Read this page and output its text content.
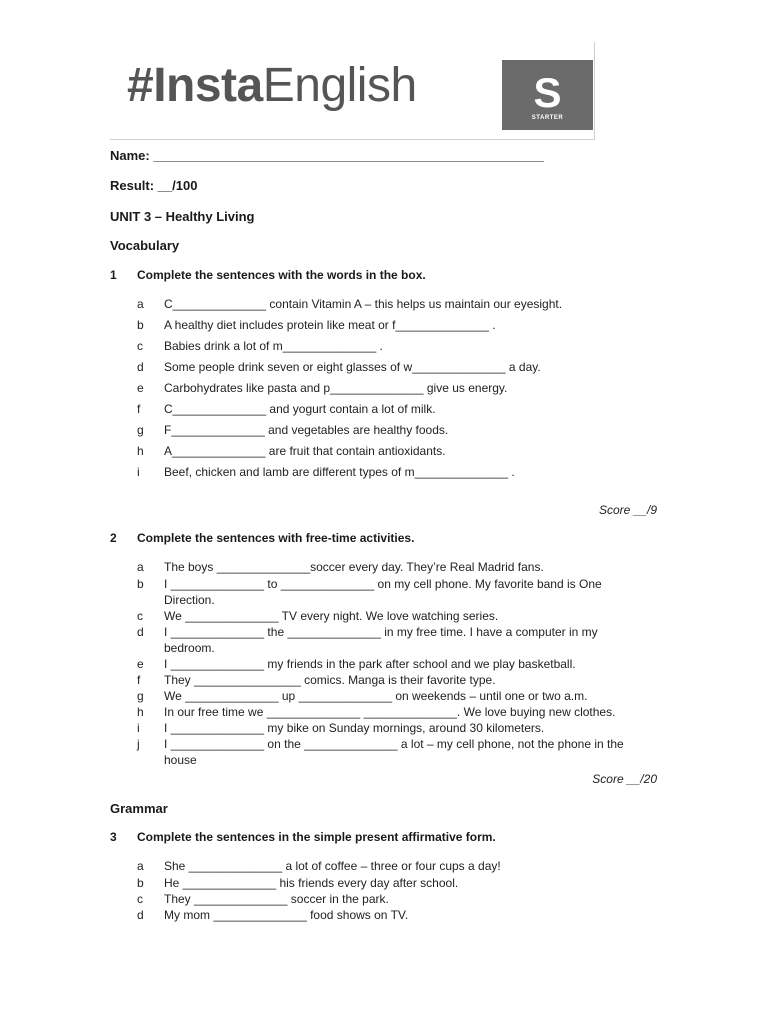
#InstaEnglish	S
STARTER
Name: ______________________________________________________
Result: __/100
UNIT 3 – Healthy Living
Vocabulary
1 Complete the sentences with the words in the box.
a C______________ contain Vitamin A – this helps us maintain our eyesight.
b A healthy diet includes protein like meat or f______________ .
c Babies drink a lot of m______________ .
d Some people drink seven or eight glasses of w______________ a day.
e Carbohydrates like pasta and p______________ give us energy.
f C______________ and yogurt contain a lot of milk.
g F______________ and vegetables are healthy foods.
h A______________ are fruit that contain antioxidants.
i Beef, chicken and lamb are different types of m______________ .
Score __/9
2 Complete the sentences with free-time activities.
a The boys ______________soccer every day. They’re Real Madrid fans.
b I ______________ to ______________ on my cell phone. My favorite band is One Direction.
c We ______________ TV every night. We love watching series.
d I ______________ the ______________ in my free time. I have a computer in my bedroom.
e I ______________ my friends in the park after school and we play basketball.
f They ________________ comics. Manga is their favorite type.
g We ______________ up ______________ on weekends – until one or two a.m.
h In our free time we ______________ ______________. We love buying new clothes.
i I ______________ my bike on Sunday mornings, around 30 kilometers.
j I ______________ on the ______________ a lot – my cell phone, not the phone in the house
Score __/20
Grammar
3 Complete the sentences in the simple present affirmative form.
a She ______________ a lot of coffee – three or four cups a day!
b He ______________ his friends every day after school.
c They ______________ soccer in the park.
d My mom ______________ food shows on TV.
